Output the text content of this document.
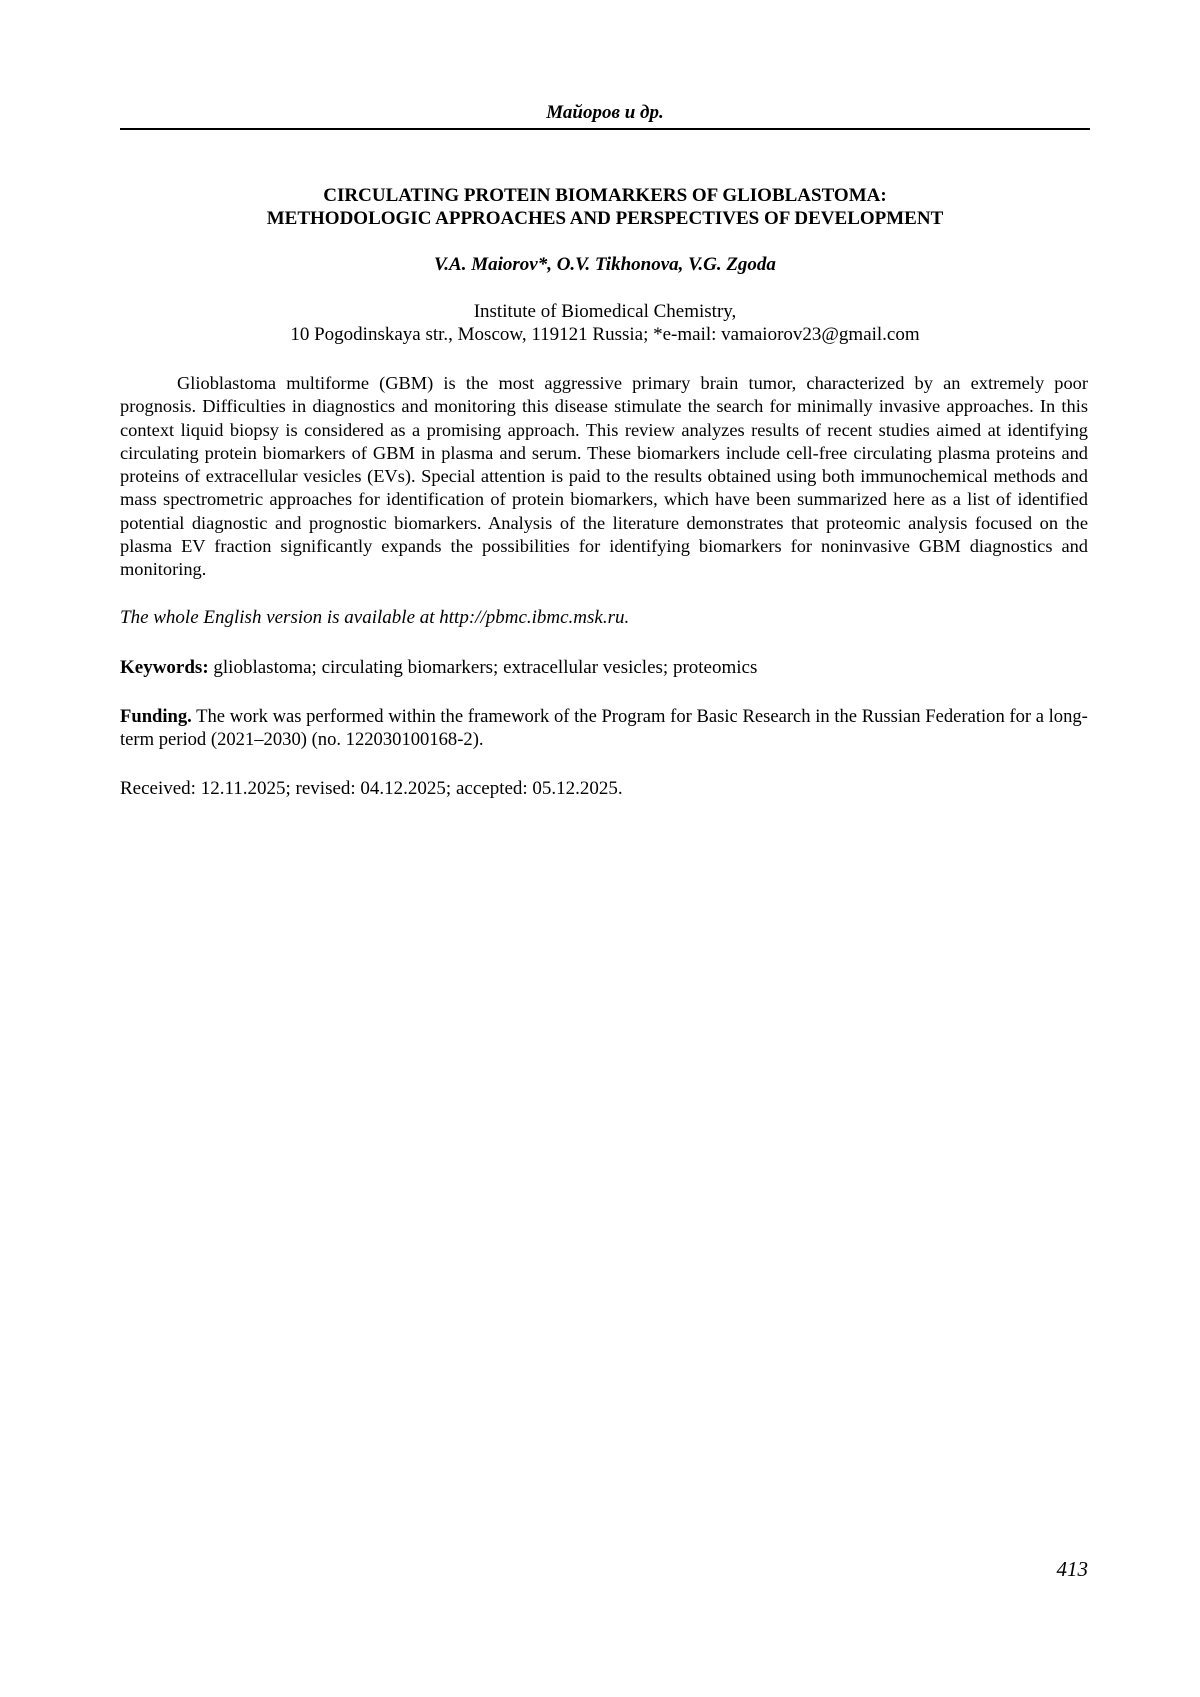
Майоров и др.
CIRCULATING PROTEIN BIOMARKERS OF GLIOBLASTOMA:
METHODOLOGIC APPROACHES AND PERSPECTIVES OF DEVELOPMENT
V.A. Maiorov*, O.V. Tikhonova, V.G. Zgoda
Institute of Biomedical Chemistry,
10 Pogodinskaya str., Moscow, 119121 Russia; *e-mail: vamaiorov23@gmail.com

Glioblastoma multiforme (GBM) is the most aggressive primary brain tumor, characterized by an extremely poor prognosis. Difficulties in diagnostics and monitoring this disease stimulate the search for minimally invasive approaches. In this context liquid biopsy is considered as a promising approach. This review analyzes results of recent studies aimed at identifying circulating protein biomarkers of GBM in plasma and serum. These biomarkers include cell-free circulating plasma proteins and proteins of extracellular vesicles (EVs). Special attention is paid to the results obtained using both immunochemical methods and mass spectrometric approaches for identification of protein biomarkers, which have been summarized here as a list of identified potential diagnostic and prognostic biomarkers. Analysis of the literature demonstrates that proteomic analysis focused on the plasma EV fraction significantly expands the possibilities for identifying biomarkers for noninvasive GBM diagnostics and monitoring.

The whole English version is available at http://pbmc.ibmc.msk.ru.

Keywords: glioblastoma; circulating biomarkers; extracellular vesicles; proteomics

Funding. The work was performed within the framework of the Program for Basic Research in the Russian Federation for a long-term period (2021–2030) (no. 122030100168-2).

Received: 12.11.2025; revised: 04.12.2025; accepted: 05.12.2025.

413
